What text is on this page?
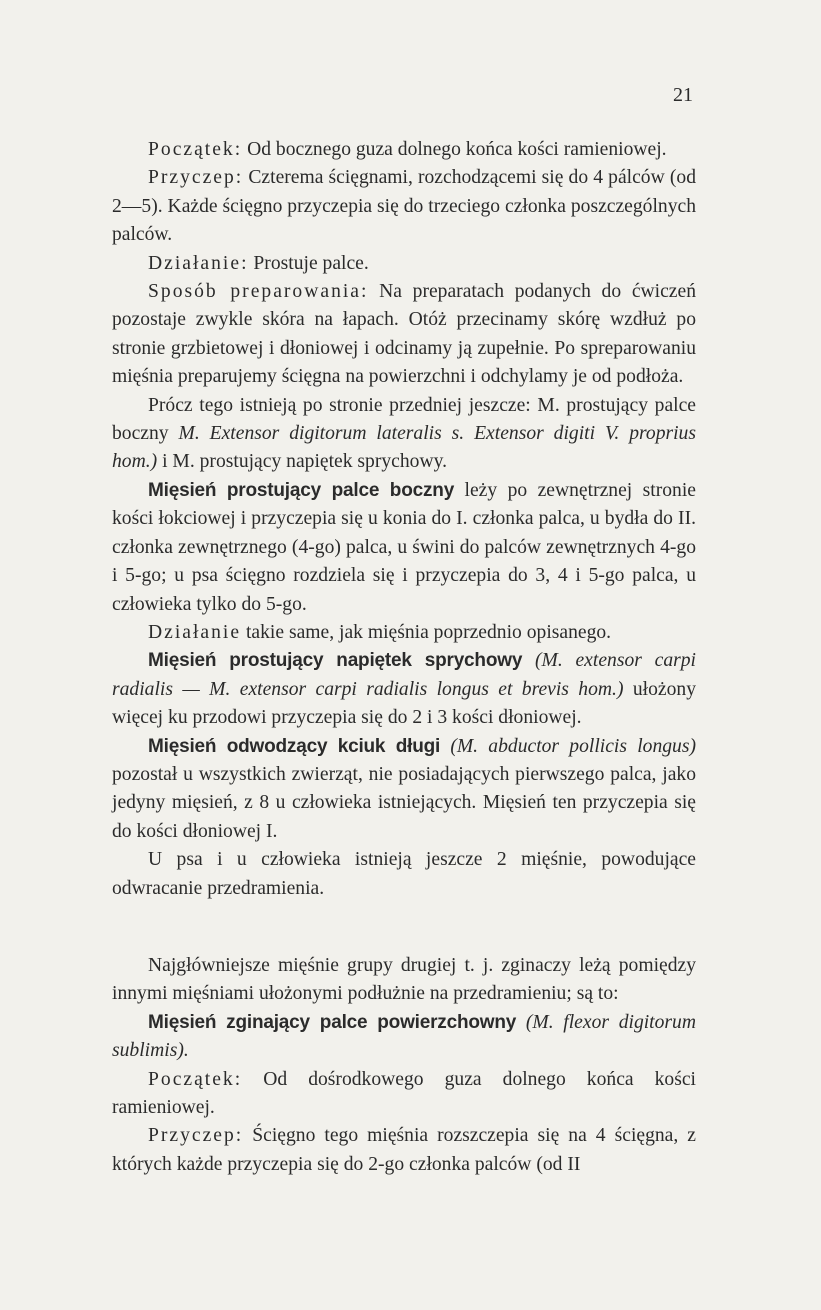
21

Początek: Od bocznego guza dolnego końca kości ramieniowej.

Przyczep: Czterema ścięgnami, rozchodzącemi się do 4 pálców (od 2—5). Każde ścięgno przyczepia się do trzeciego członka poszczególnych palców.

Działanie: Prostuje palce.

Sposób preparowania: Na preparatach podanych do ćwiczeń pozostaje zwykle skóra na łapach. Otóż przecinamy skórę wzdłuż po stronie grzbietowej i dłoniowej i odcinamy ją zupełnie. Po spreparowaniu mięśnia preparujemy ścięgna na powierzchni i odchylamy je od podłoża.

Prócz tego istnieją po stronie przedniej jeszcze: M. prostujący palce boczny M. Extensor digitorum lateralis s. Extensor digiti V. proprius hom.) i M. prostujący napiętek sprychowy.

Mięsień prostujący palce boczny leży po zewnętrznej stronie kości łokciowej i przyczepia się u konia do I. członka palca, u bydła do II. członka zewnętrznego (4-go) palca, u świni do palców zewnętrznych 4-go i 5-go; u psa ścięgno rozdziela się i przyczepia do 3, 4 i 5-go palca, u człowieka tylko do 5-go.

Działanie takie same, jak mięśnia poprzednio opisanego.

Mięsień prostujący napiętek sprychowy (M. extensor carpi radialis — M. extensor carpi radialis longus et brevis hom.) ułożony więcej ku przodowi przyczepia się do 2 i 3 kości dłoniowej.

Mięsień odwodzący kciuk długi (M. abductor pollicis longus) pozostał u wszystkich zwierząt, nie posiadających pierwszego palca, jako jedyny mięsień, z 8 u człowieka istniejących. Mięsień ten przyczepia się do kości dłoniowej I.

U psa i u człowieka istnieją jeszcze 2 mięśnie, powodujące odwracanie przedramienia.

Najgłówniejsze mięśnie grupy drugiej t. j. zginaczy leżą pomiędzy innymi mięśniami ułożonymi podłużnie na przedramieniu; są to:

Mięsień zginający palce powierzchowny (M. flexor digitorum sublimis).

Początek: Od dośrodkowego guza dolnego końca kości ramieniowej.

Przyczep: Ścięgno tego mięśnia rozszczepia się na 4 ścięgna, z których każde przyczepia się do 2-go członka palców (od II
